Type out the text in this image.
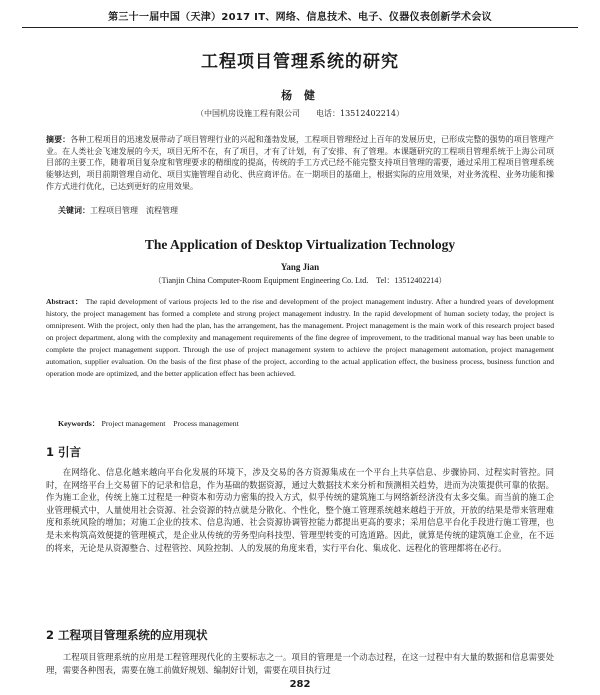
第三十一届中国（天津）2017 IT、网络、信息技术、电子、仪器仪表创新学术会议
工程项目管理系统的研究
杨 健
（中国机房设施工程有限公司　　电话：13512402214）
摘要：各种工程项目的迅速发展带动了项目管理行业的兴起和蓬勃发展，工程项目管理经过上百年的发展历史，已形成完整的强势的项目管理产业。在人类社会飞速发展的今天，项目无所不在，有了项目，才有了计划，有了安排、有了管理。本课题研究的工程项目管理系统于上海公司项目部的主要工作，随着项目复杂度和管理要求的精细度的提高，传统的手工方式已经不能完整支持项目管理的需要，通过采用工程项目管理系统能够达到，项目前期管理自动化、项目实施管理自动化、供应商评估。在一期项目的基础上，根据实际的应用效果，对业务流程、业务功能和操作方式进行优化，已达到更好的应用效果。
关键词：工程项目管理　流程管理
The Application of Desktop Virtualization Technology
Yang Jian
（Tianjin China Computer-Room Equipment Engineering Co. Ltd.　Tel：13512402214）
Abstract： The rapid development of various projects led to the rise and development of the project management industry. After a hundred years of development history, the project management has formed a complete and strong project management industry. In the rapid development of human society today, the project is omnipresent. With the project, only then had the plan, has the arrangement, has the management. Project management is the main work of this research project based on project department, along with the complexity and management requirements of the fine degree of improvement, to the traditional manual way has been unable to complete the project management support. Through the use of project management system to achieve the project management automation, project management automation, supplier evaluation. On the basis of the first phase of the project, according to the actual application effect, the business process, business function and operation mode are optimized, and the better application effect has been achieved.
Keywords： Project management　Process management
1 引言
在网络化、信息化越来越向平台化发展的环境下，涉及交易的各方资源集成在一个平台上共享信息、步骤协同、过程实时管控。同时，在网络平台上交易留下的记录和信息，作为基础的数据资源，通过大数据技术来分析和预测相关趋势，进而为决策提供可靠的依据。作为施工企业，传统上施工过程是一种资本和劳动力密集的投入方式，似乎传统的建筑施工与网络新经济没有太多交集。而当前的施工企业管理模式中，人量使用社会资源、社会资源的特点就是分散化、个性化，整个施工管理系统越来越趋于开放，开放的结果是带来管理难度和系统风险的增加；对施工企业的技术、信息沟通、社会资源协调管控能力都提出更高的要求；采用信息平台化手段进行施工管理，也是未来构筑高效便捷的管理模式，是企业从传统的劳务型向科技型、管理型转变的可选道路。因此，就算是传统的建筑施工企业，在不远的将来，无论是从资源整合、过程管控、风险控制、人的发展的角度来看，实行平台化、集成化、远程化的管理都将在必行。
2 工程项目管理系统的应用现状
工程项目管理系统的应用是工程管理现代化的主要标志之一。项目的管理是一个动态过程，在这一过程中有大量的数据和信息需要处理，需要各种图表，需要在施工前做好规划、编制好计划，需要在项目执行过
282
